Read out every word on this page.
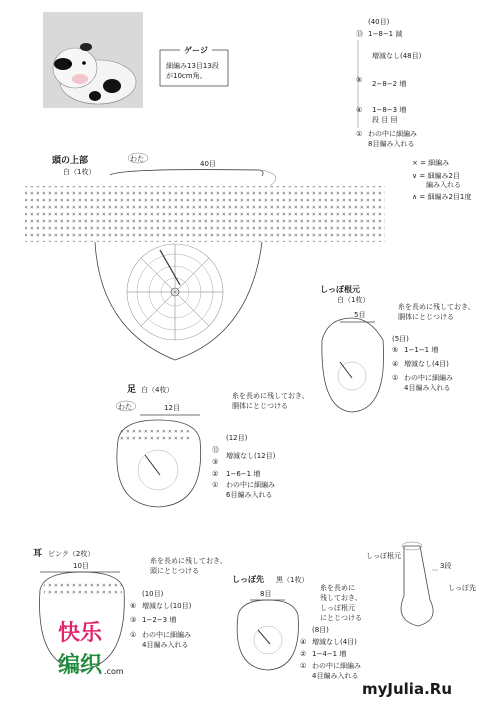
ゲージ
細編み13目13段
が10cm角。
(40目)
⑬ 1−8−1 減
増減なし(48目)
⑤ 2−8−2 増
④ 1−8−3 増
段 目 回
① わの中に細編み
8目編み入れる
× = 細編み
∨ = 細編み2目
編み入れる
∧ = 細編み2目1度
頭の上部
白（1枚）
わた
40目
しっぽ根元
白（1枚）
糸を長めに残しておき、
胴体にとじつける
5目
(5目)
⑤ 1−1−1 増
④ 増減なし(4目)
① わの中に細編み
4目編み入れる
足 白（4枚）
わた	12目
糸を長めに残しておき、
胴体にとじつける
(12目)
⑫
③
増減なし(12目)
② 1−6−1 増
① わの中に細編み
6目編み入れる
耳 ピンク（2枚）
10目
糸を長めに残しておき、
頭にとじつける
(10目)
⑥ 増減なし(10目)
③ 1−2−3 増
① わの中に細編み
4目編み入れる
しっぽ先 黒（1枚）
8目
糸を長めに
残しておき、
しっぽ根元
にとじつける
(8目)
④ 増減なし(4目)
② 1−4−1 増
① わの中に細編み
4目編み入れる
しっぽ根元
3段
しっぽ先
快乐
编织 .com
myJulia.Ru
